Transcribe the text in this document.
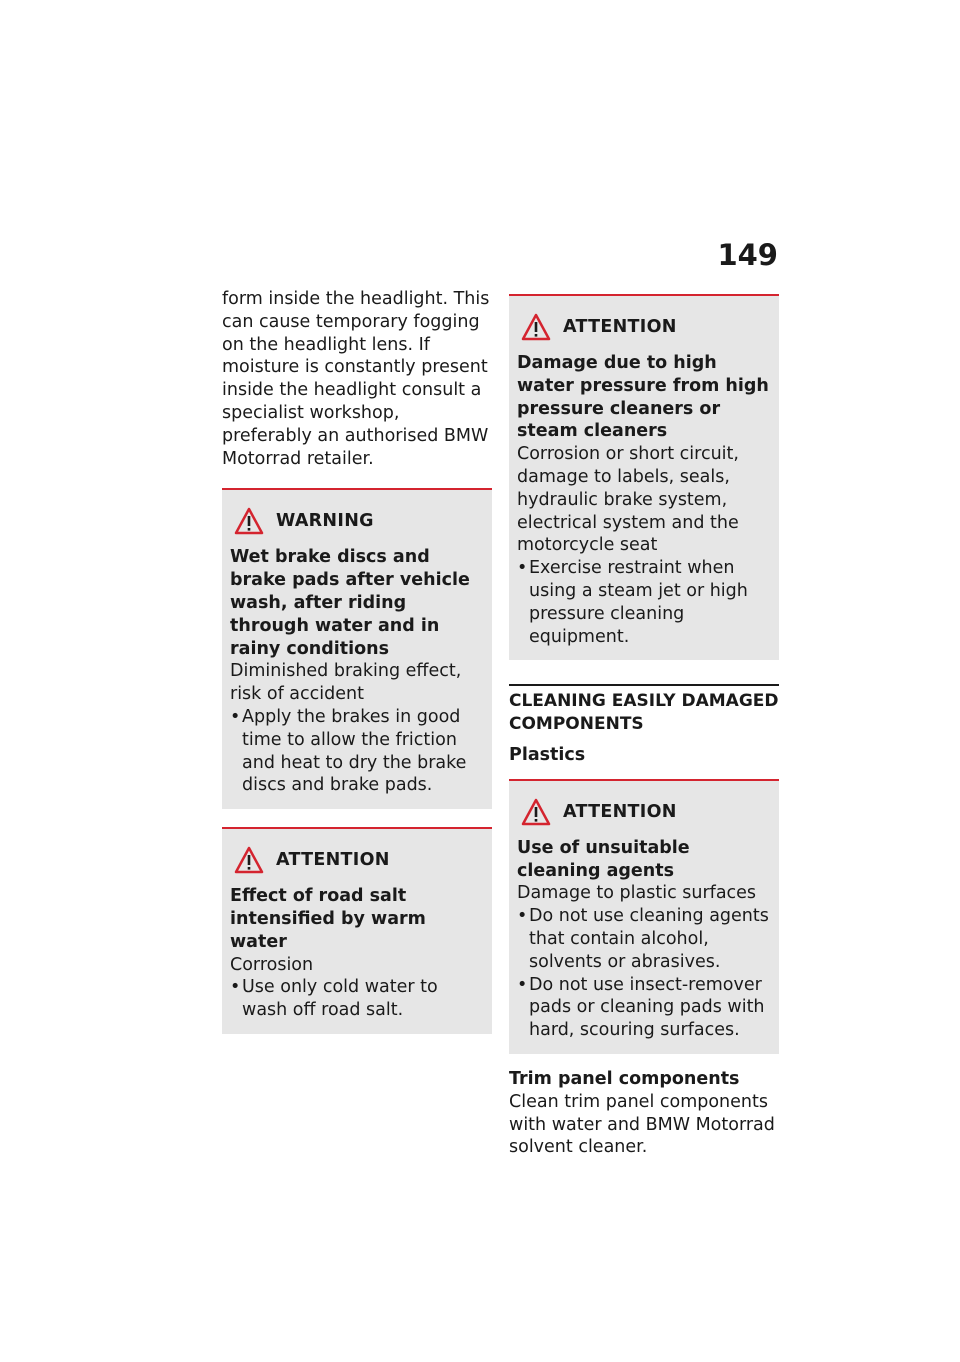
149

form inside the headlight. This can cause temporary fogging on the headlight lens. If moisture is constantly present inside the headlight consult a specialist workshop, preferably an authorised BMW Motorrad retailer.

WARNING

Wet brake discs and brake pads after vehicle wash, after riding through water and in rainy conditions

Diminished braking effect, risk of accident

•Apply the brakes in good time to allow the friction and heat to dry the brake discs and brake pads.
ATTENTION

Effect of road salt intensified by warm water

Corrosion

•Use only cold water to wash off road salt.
ATTENTION

Damage due to high water pressure from high pressure cleaners or steam cleaners

Corrosion or short circuit, damage to labels, seals, hydraulic brake system, electrical system and the motorcycle seat

•Exercise restraint when using a steam jet or high pressure cleaning equipment.
CLEANING EASILY DAMAGED COMPONENTS
Plastics
ATTENTION

Use of unsuitable cleaning agents

Damage to plastic surfaces

•Do not use cleaning agents that contain alcohol, solvents or abrasives.
•Do not use insect-remover pads or cleaning pads with hard, scouring surfaces.
Trim panel components

Clean trim panel components with water and BMW Motorrad solvent cleaner.
